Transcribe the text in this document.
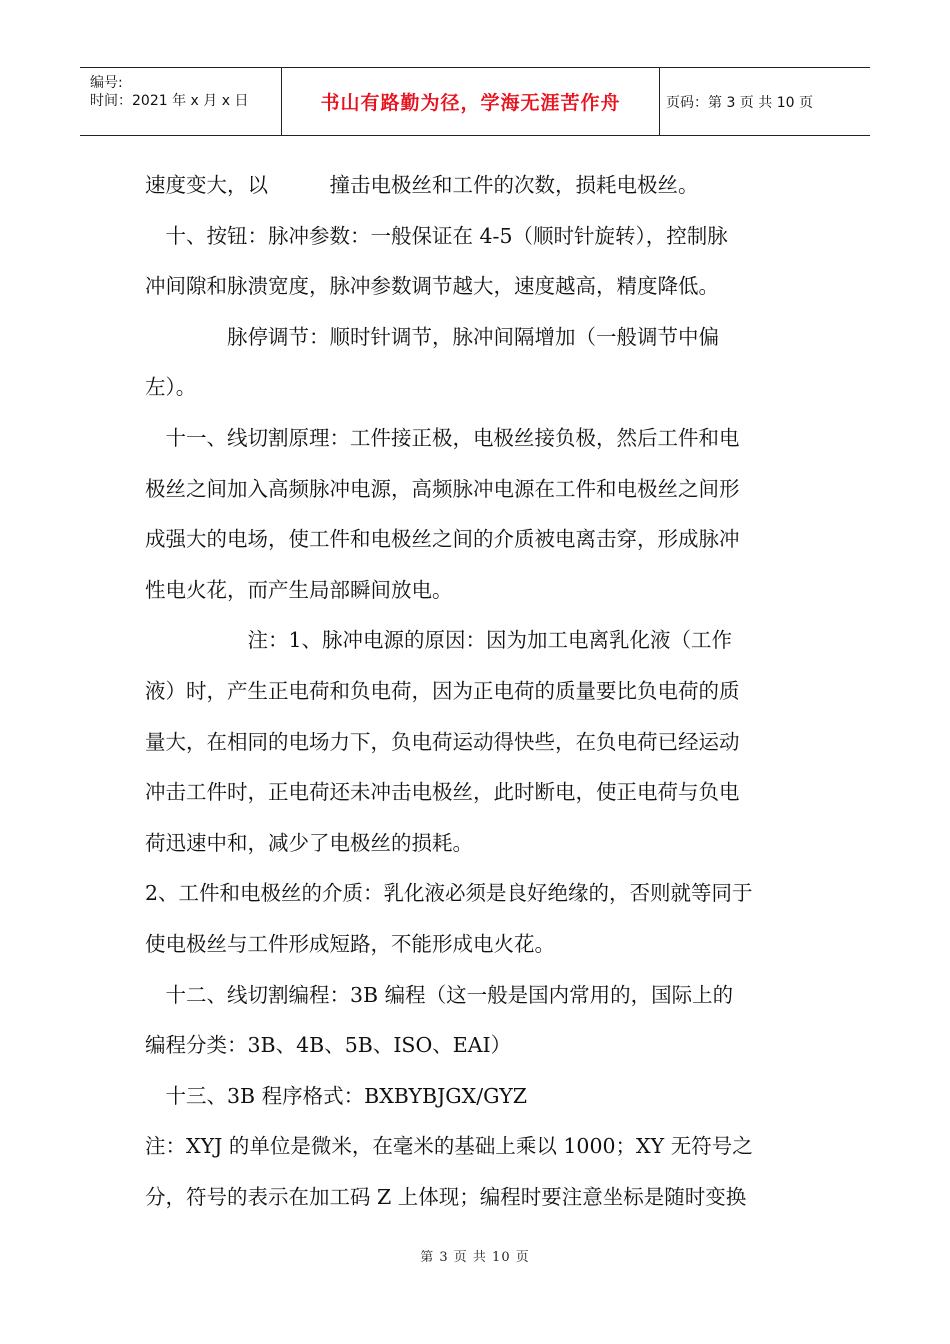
编号:
时间：2021 年 x 月 x 日	书山有路勤为径，学海无涯苦作舟	页码：第 3 页 共 10 页
速度变大，以　　　撞击电极丝和工件的次数，损耗电极丝。
　十、按钮：脉冲参数：一般保证在 4-5（顺时针旋转），控制脉
冲间隙和脉溃宽度，脉冲参数调节越大，速度越高，精度降低。
　　　　脉停调节：顺时针调节，脉冲间隔增加（一般调节中偏
左）。
　十一、线切割原理：工件接正极，电极丝接负极，然后工件和电
极丝之间加入高频脉冲电源，高频脉冲电源在工件和电极丝之间形
成强大的电场，使工件和电极丝之间的介质被电离击穿，形成脉冲
性电火花，而产生局部瞬间放电。
　　　　　注：1、脉冲电源的原因：因为加工电离乳化液（工作
液）时，产生正电荷和负电荷，因为正电荷的质量要比负电荷的质
量大，在相同的电场力下，负电荷运动得快些，在负电荷已经运动
冲击工件时，正电荷还未冲击电极丝，此时断电，使正电荷与负电
荷迅速中和，减少了电极丝的损耗。
2、工件和电极丝的介质：乳化液必须是良好绝缘的，否则就等同于
使电极丝与工件形成短路，不能形成电火花。
　十二、线切割编程：3B 编程（这一般是国内常用的，国际上的
编程分类：3B、4B、5B、ISO、EAI）
　十三、3B 程序格式：BXBYBJGX/GYZ
注：XYJ 的单位是微米，在毫米的基础上乘以 1000；XY 无符号之
分，符号的表示在加工码 Z 上体现；编程时要注意坐标是随时变换
第 3 页 共 10 页
